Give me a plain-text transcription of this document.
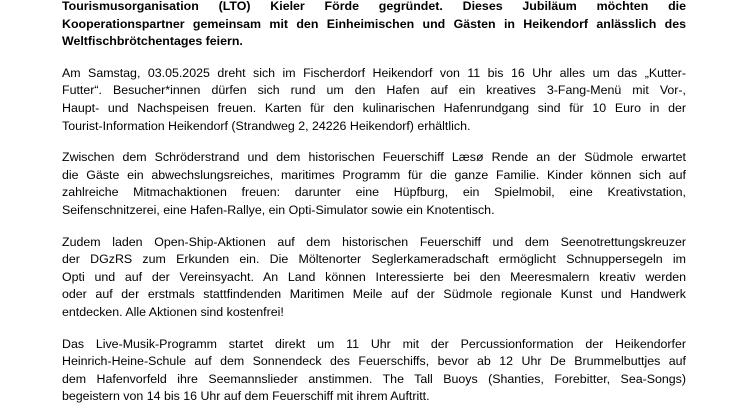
Tourismusorganisation (LTO) Kieler Förde gegründet. Dieses Jubiläum möchten die
Kooperationspartner gemeinsam mit den Einheimischen und Gästen in Heikendorf anlässlich des
Weltfischbrötchentages feiern.

Am Samstag, 03.05.2025 dreht sich im Fischerdorf Heikendorf von 11 bis 16 Uhr alles um das „Kutter-
Futter“. Besucher*innen dürfen sich rund um den Hafen auf ein kreatives 3-Fang-Menü mit Vor-,
Haupt- und Nachspeisen freuen. Karten für den kulinarischen Hafenrundgang sind für 10 Euro in der
Tourist-Information Heikendorf (Strandweg 2, 24226 Heikendorf) erhältlich.

Zwischen dem Schröderstrand und dem historischen Feuerschiff Læsø Rende an der Südmole erwartet
die Gäste ein abwechslungsreiches, maritimes Programm für die ganze Familie. Kinder können sich auf
zahlreiche Mitmachaktionen freuen: darunter eine Hüpfburg, ein Spielmobil, eine Kreativstation,
Seifenschnitzerei, eine Hafen-Rallye, ein Opti-Simulator sowie ein Knotentisch.

Zudem laden Open-Ship-Aktionen auf dem historischen Feuerschiff und dem Seenotrettungskreuzer
der DGzRS zum Erkunden ein. Die Möltenorter Seglerkameradschaft ermöglicht Schnuppersegeln im
Opti und auf der Vereinsyacht. An Land können Interessierte bei den Meeresmalern kreativ werden
oder auf der erstmals stattfindenden Maritimen Meile auf der Südmole regionale Kunst und Handwerk
entdecken. Alle Aktionen sind kostenfrei!

Das Live-Musik-Programm startet direkt um 11 Uhr mit der Percussionformation der Heikendorfer
Heinrich-Heine-Schule auf dem Sonnendeck des Feuerschiffs, bevor ab 12 Uhr De Brummelbuttjes auf
dem Hafenvorfeld ihre Seemannslieder anstimmen. The Tall Buoys (Shanties, Forebitter, Sea-Songs)
begeistern von 14 bis 16 Uhr auf dem Feuerschiff mit ihrem Auftritt.
